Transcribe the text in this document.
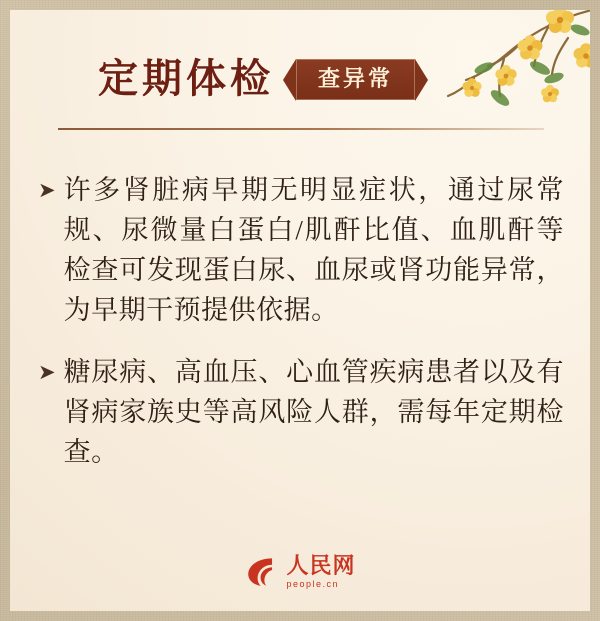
定期体检	查异常
➤ 许多肾脏病早期无明显症状，通过尿常规、尿微量白蛋白/肌酐比值、血肌酐等检查可发现蛋白尿、血尿或肾功能异常，为早期干预提供依据。
➤ 糖尿病、高血压、心血管疾病患者以及有肾病家族史等高风险人群，需每年定期检查。
人民网
people.cn
